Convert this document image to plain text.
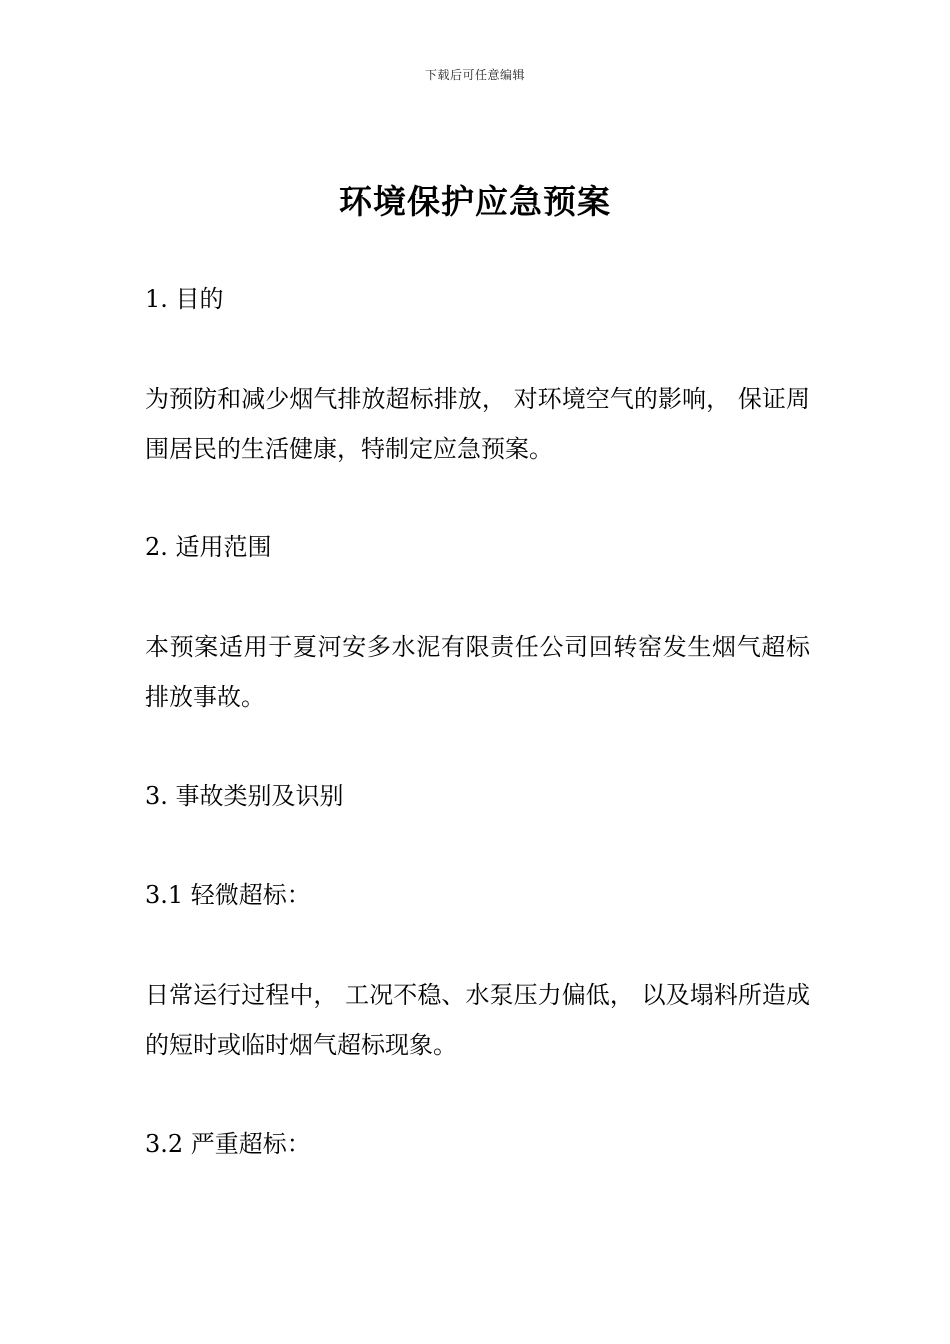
下载后可任意编辑
环境保护应急预案
1. 目的
为预防和减少烟气排放超标排放， 对环境空气的影响， 保证周围居民的生活健康，特制定应急预案。
2. 适用范围
本预案适用于夏河安多水泥有限责任公司回转窑发生烟气超标排放事故。
3. 事故类别及识别
3.1 轻微超标：
日常运行过程中， 工况不稳、水泵压力偏低， 以及塌料所造成的短时或临时烟气超标现象。
3.2 严重超标：
